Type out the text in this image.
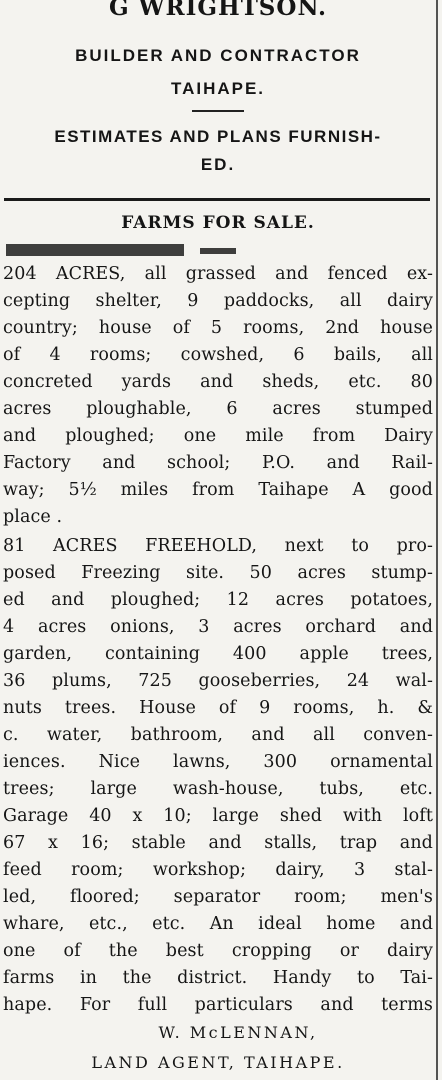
G WRIGHTSON.
BUILDER AND CONTRACTOR
TAIHAPE.
ESTIMATES AND PLANS FURNISH-
ED.
FARMS FOR SALE.
204 ACRES, all grassed and fenced ex-
cepting shelter, 9 paddocks, all dairy
country; house of 5 rooms, 2nd house
of 4 rooms; cowshed, 6 bails, all
concreted yards and sheds, etc. 80
acres ploughable, 6 acres stumped
and ploughed; one mile from Dairy
Factory and school; P.O. and Rail-
way; 5½ miles from Taihape A good
place .
81 ACRES FREEHOLD, next to pro-
posed Freezing site. 50 acres stump-
ed and ploughed; 12 acres potatoes,
4 acres onions, 3 acres orchard and
garden, containing 400 apple trees,
36 plums, 725 gooseberries, 24 wal-
nuts trees. House of 9 rooms, h. &
c. water, bathroom, and all conven-
iences. Nice lawns, 300 ornamental
trees; large wash-house, tubs, etc.
Garage 40 x 10; large shed with loft
67 x 16; stable and stalls, trap and
feed room; workshop; dairy, 3 stal-
led, floored; separator room; men's
whare, etc., etc. An ideal home and
one of the best cropping or dairy
farms in the district. Handy to Tai-
hape. For full particulars and terms
W. McLENNAN,
LAND AGENT, TAIHAPE.
